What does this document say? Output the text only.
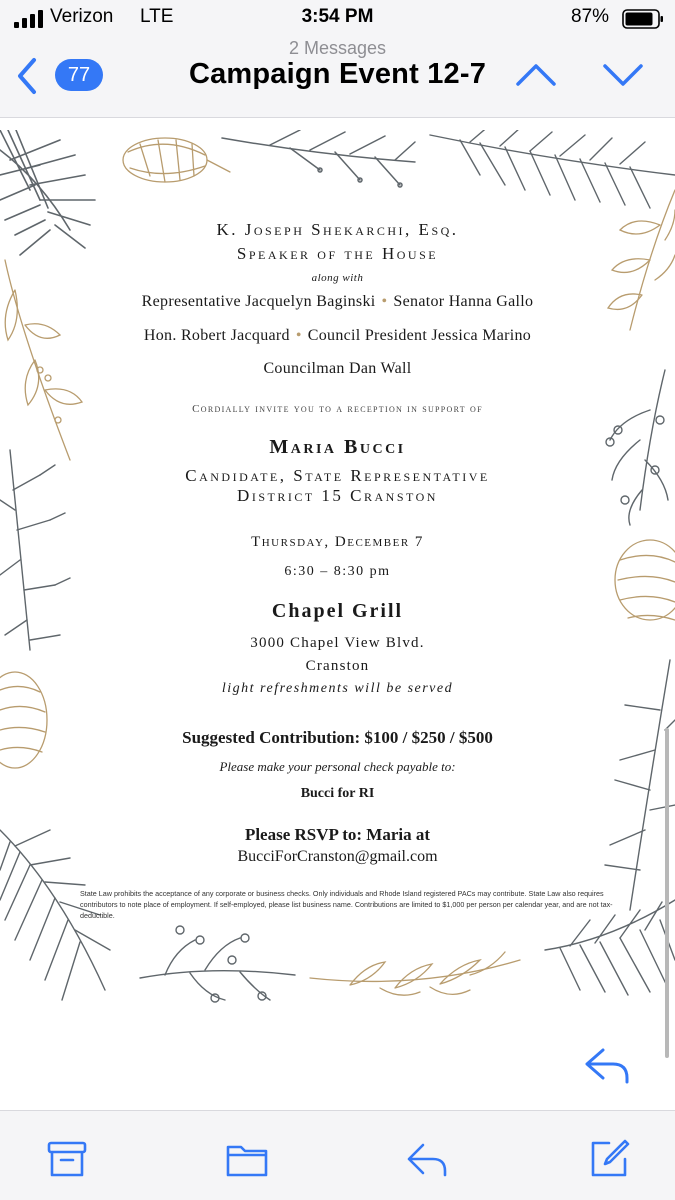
Verizon LTE	3:54 PM	87%
77
2 Messages
Campaign Event 12-7
K. Joseph Shekarchi, Esq.
Speaker of the House
along with
Representative Jacquelyn Baginski • Senator Hanna Gallo
Hon. Robert Jacquard • Council President Jessica Marino
Councilman Dan Wall
Cordially invite you to a reception in support of
Maria Bucci
Candidate, State Representative
District 15 Cranston
Thursday, December 7
6:30 – 8:30 pm
Chapel Grill
3000 Chapel View Blvd.
Cranston
light refreshments will be served
Suggested Contribution: $100 / $250 / $500
Please make your personal check payable to:
Bucci for RI
Please RSVP to: Maria at
BucciForCranston@gmail.com
State Law prohibits the acceptance of any corporate or business checks. Only individuals and Rhode Island registered PACs may contribute. State Law also requires contributors to note place of employment. If self-employed, please list business name. Contributions are limited to $1,000 per person per calendar year, and are not tax-deductible.
